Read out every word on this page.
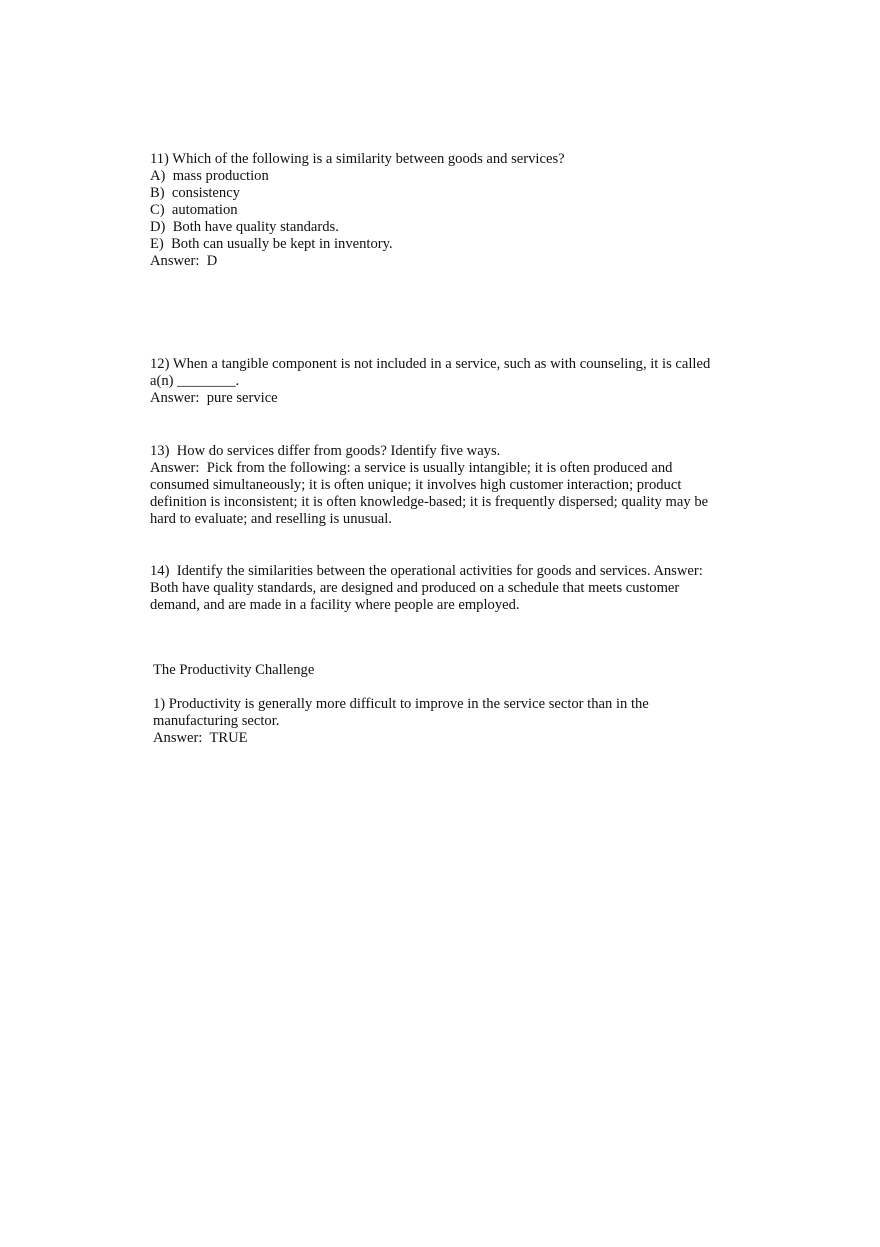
11) Which of the following is a similarity between goods and services?
A)  mass production
B)  consistency
C)  automation
D)  Both have quality standards.
E)  Both can usually be kept in inventory.
Answer:  D
12) When a tangible component is not included in a service, such as with counseling, it is called
a(n) ________.
Answer:  pure service
13)  How do services differ from goods? Identify five ways.
Answer:  Pick from the following: a service is usually intangible; it is often produced and
consumed simultaneously; it is often unique; it involves high customer interaction; product
definition is inconsistent; it is often knowledge-based; it is frequently dispersed; quality may be
hard to evaluate; and reselling is unusual.
14)  Identify the similarities between the operational activities for goods and services. Answer:
Both have quality standards, are designed and produced on a schedule that meets customer
demand, and are made in a facility where people are employed.
The Productivity Challenge
1) Productivity is generally more difficult to improve in the service sector than in the
manufacturing sector.
Answer:  TRUE
